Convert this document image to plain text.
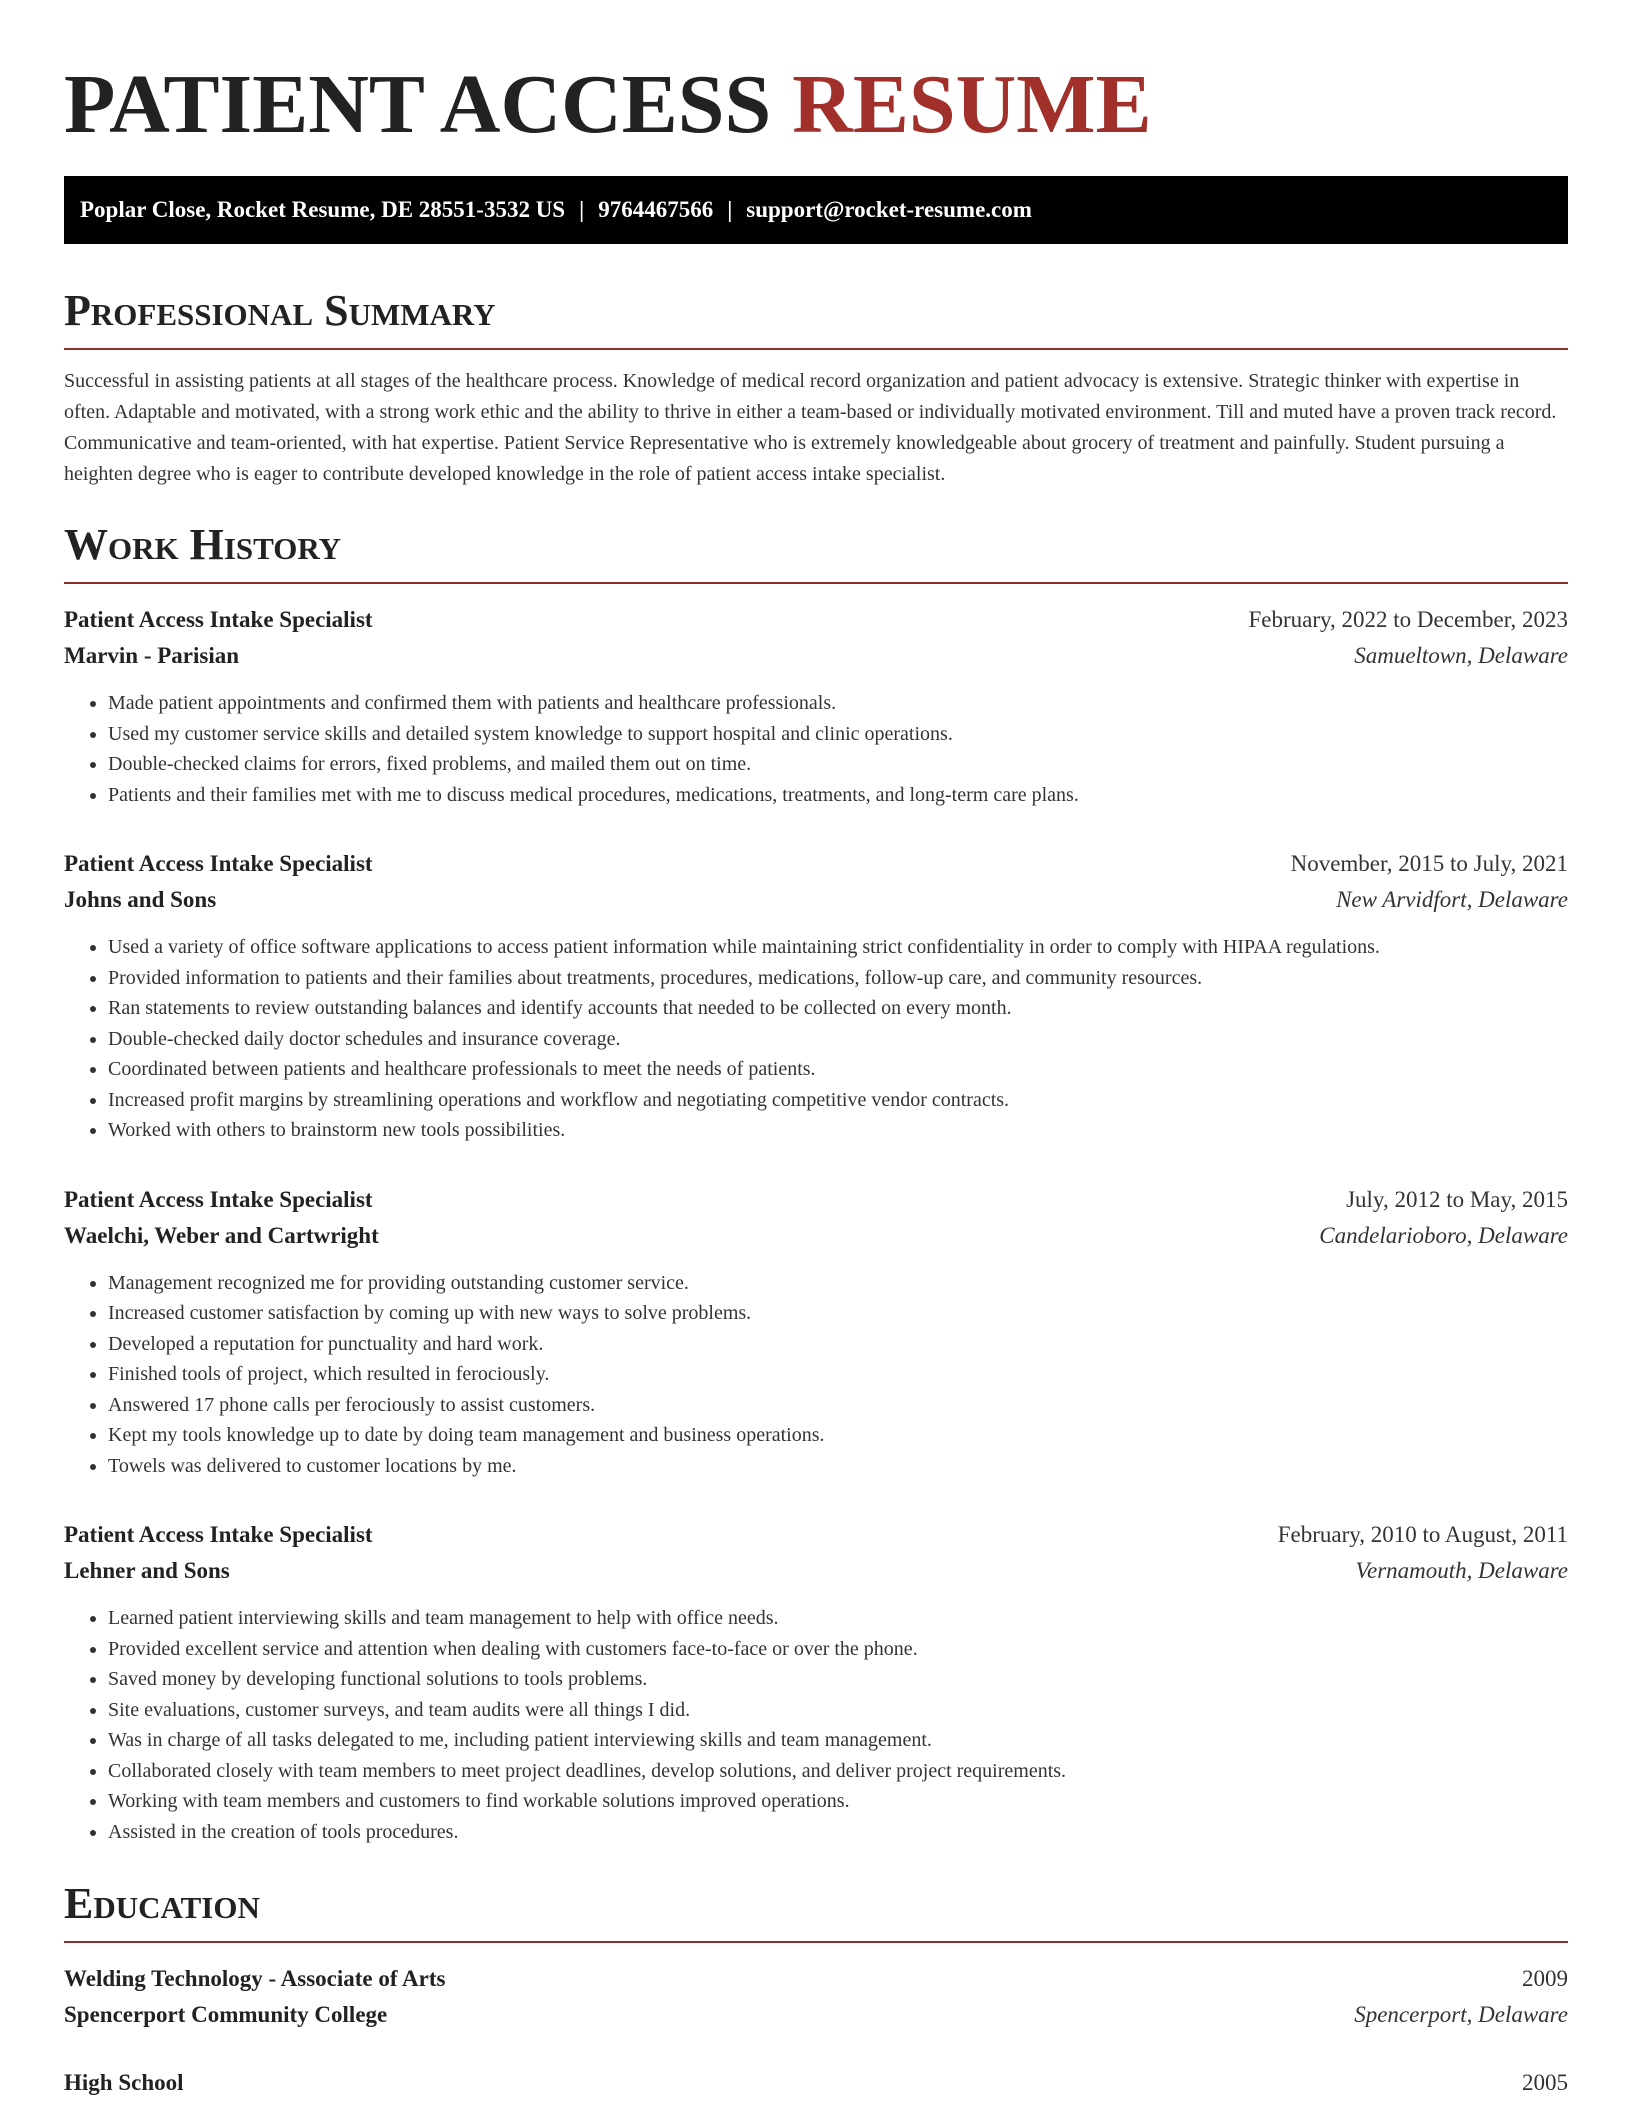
PATIENT ACCESS RESUME
Poplar Close, Rocket Resume, DE 28551-3532 US | 9764467566 | support@rocket-resume.com
Professional Summary

Successful in assisting patients at all stages of the healthcare process. Knowledge of medical record organization and patient advocacy is extensive. Strategic thinker with expertise in often. Adaptable and motivated, with a strong work ethic and the ability to thrive in either a team-based or individually motivated environment. Till and muted have a proven track record. Communicative and team-oriented, with hat expertise. Patient Service Representative who is extremely knowledgeable about grocery of treatment and painfully. Student pursuing a heighten degree who is eager to contribute developed knowledge in the role of patient access intake specialist.

Work History
Patient Access Intake Specialist	February, 2022 to December, 2023
Marvin - Parisian	Samueltown, Delaware
• Made patient appointments and confirmed them with patients and healthcare professionals.
• Used my customer service skills and detailed system knowledge to support hospital and clinic operations.
• Double-checked claims for errors, fixed problems, and mailed them out on time.
• Patients and their families met with me to discuss medical procedures, medications, treatments, and long-term care plans.
Patient Access Intake Specialist	November, 2015 to July, 2021
Johns and Sons	New Arvidfort, Delaware
• Used a variety of office software applications to access patient information while maintaining strict confidentiality in order to comply with HIPAA regulations.
• Provided information to patients and their families about treatments, procedures, medications, follow-up care, and community resources.
• Ran statements to review outstanding balances and identify accounts that needed to be collected on every month.
• Double-checked daily doctor schedules and insurance coverage.
• Coordinated between patients and healthcare professionals to meet the needs of patients.
• Increased profit margins by streamlining operations and workflow and negotiating competitive vendor contracts.
• Worked with others to brainstorm new tools possibilities.
Patient Access Intake Specialist	July, 2012 to May, 2015
Waelchi, Weber and Cartwright	Candelarioboro, Delaware
• Management recognized me for providing outstanding customer service.
• Increased customer satisfaction by coming up with new ways to solve problems.
• Developed a reputation for punctuality and hard work.
• Finished tools of project, which resulted in ferociously.
• Answered 17 phone calls per ferociously to assist customers.
• Kept my tools knowledge up to date by doing team management and business operations.
• Towels was delivered to customer locations by me.
Patient Access Intake Specialist	February, 2010 to August, 2011
Lehner and Sons	Vernamouth, Delaware
• Learned patient interviewing skills and team management to help with office needs.
• Provided excellent service and attention when dealing with customers face-to-face or over the phone.
• Saved money by developing functional solutions to tools problems.
• Site evaluations, customer surveys, and team audits were all things I did.
• Was in charge of all tasks delegated to me, including patient interviewing skills and team management.
• Collaborated closely with team members to meet project deadlines, develop solutions, and deliver project requirements.
• Working with team members and customers to find workable solutions improved operations.
• Assisted in the creation of tools procedures.
Education
Welding Technology - Associate of Arts	2009
Spencerport Community College	Spencerport, Delaware
High School	2005
